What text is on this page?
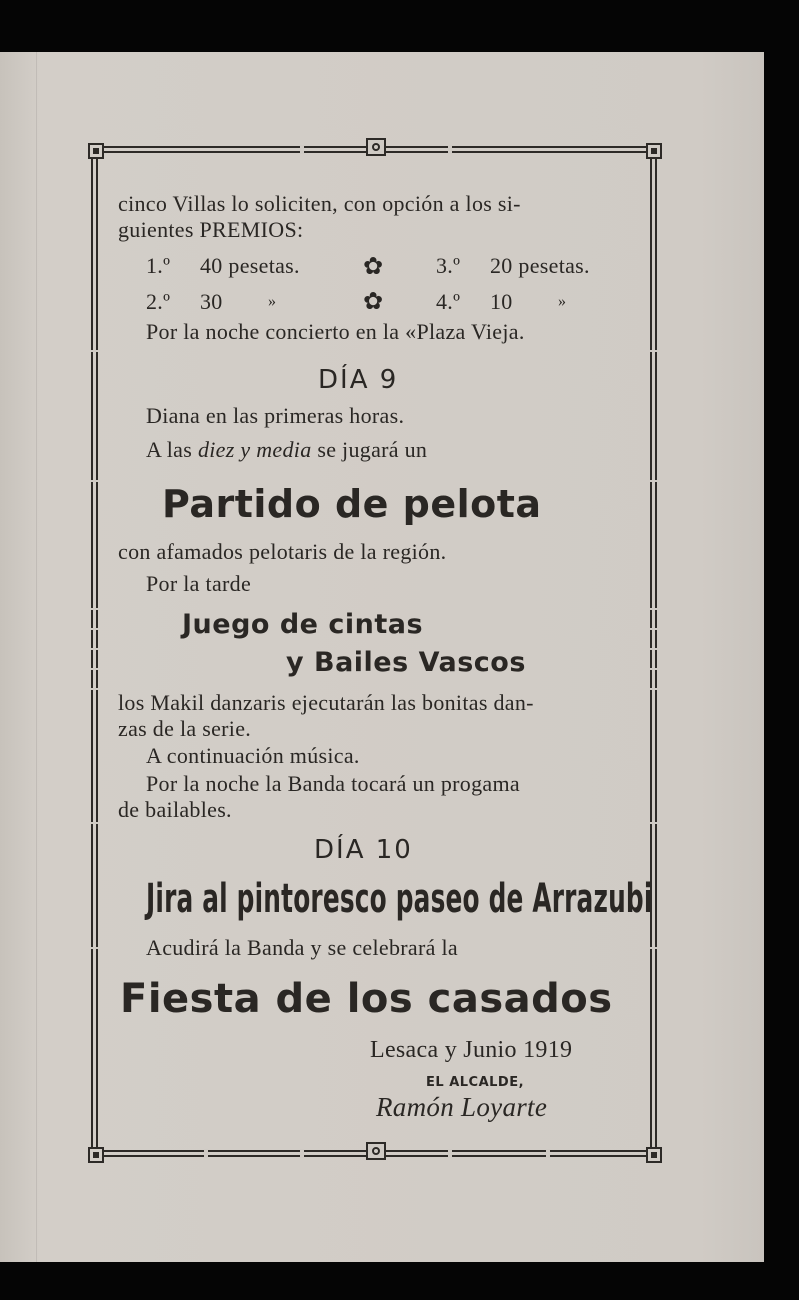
cinco Villas lo soliciten, con opción a los si-
guientes PREMIOS:
1.º 40 pesetas.
2.º 30	»
✿
✿
3.º 20 pesetas.
4.º 10	»
Por la noche concierto en la «Plaza Vieja.
DÍA 9
Diana en las primeras horas.
A las diez y media se jugará un
Partido de pelota
con afamados pelotaris de la región.
Por la tarde
Juego de cintas
y Bailes Vascos
los Makil danzaris ejecutarán las bonitas dan-
zas de la serie.
A continuación música.
Por la noche la Banda tocará un progama
de bailables.
DÍA 10
Jira al pintoresco paseo de Arrazubi
Acudirá la Banda y se celebrará la
Fiesta de los casados
Lesaca y Junio 1919
EL ALCALDE,
Ramón Loyarte
